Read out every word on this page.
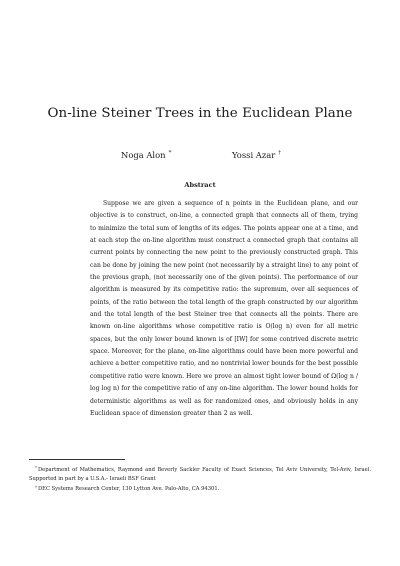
On-line Steiner Trees in the Euclidean Plane
Noga Alon *	Yossi Azar †
Abstract
Suppose we are given a sequence of n points in the Euclidean plane, and our objective is to construct, on-line, a connected graph that connects all of them, trying to minimize the total sum of lengths of its edges. The points appear one at a time, and at each step the on-line algorithm must construct a connected graph that contains all current points by connecting the new point to the previously constructed graph. This can be done by joining the new point (not necessarily by a straight line) to any point of the previous graph, (not necessarily one of the given points). The performance of our algorithm is measured by its competitive ratio: the supremum, over all sequences of points, of the ratio between the total length of the graph constructed by our algorithm and the total length of the best Steiner tree that connects all the points. There are known on-line algorithms whose competitive ratio is O(log n) even for all metric spaces, but the only lower bound known is of [IW] for some contrived discrete metric space. Moreover, for the plane, on-line algorithms could have been more powerful and achieve a better competitive ratio, and no nontrivial lower bounds for the best possible competitive ratio were known. Here we prove an almost tight lower bound of Ω(log n / log log n) for the competitive ratio of any on-line algorithm. The lower bound holds for deterministic algorithms as well as for randomized ones, and obviously holds in any Euclidean space of dimension greater than 2 as well.
*Department of Mathematics, Raymond and Beverly Sackler Faculty of Exact Sciences, Tel Aviv University, Tel-Aviv, Israel. Supported in part by a U.S.A.- Israeli BSF Grant
†DEC Systems Research Center, 130 Lytton Ave. Palo-Alto, CA 94301.
